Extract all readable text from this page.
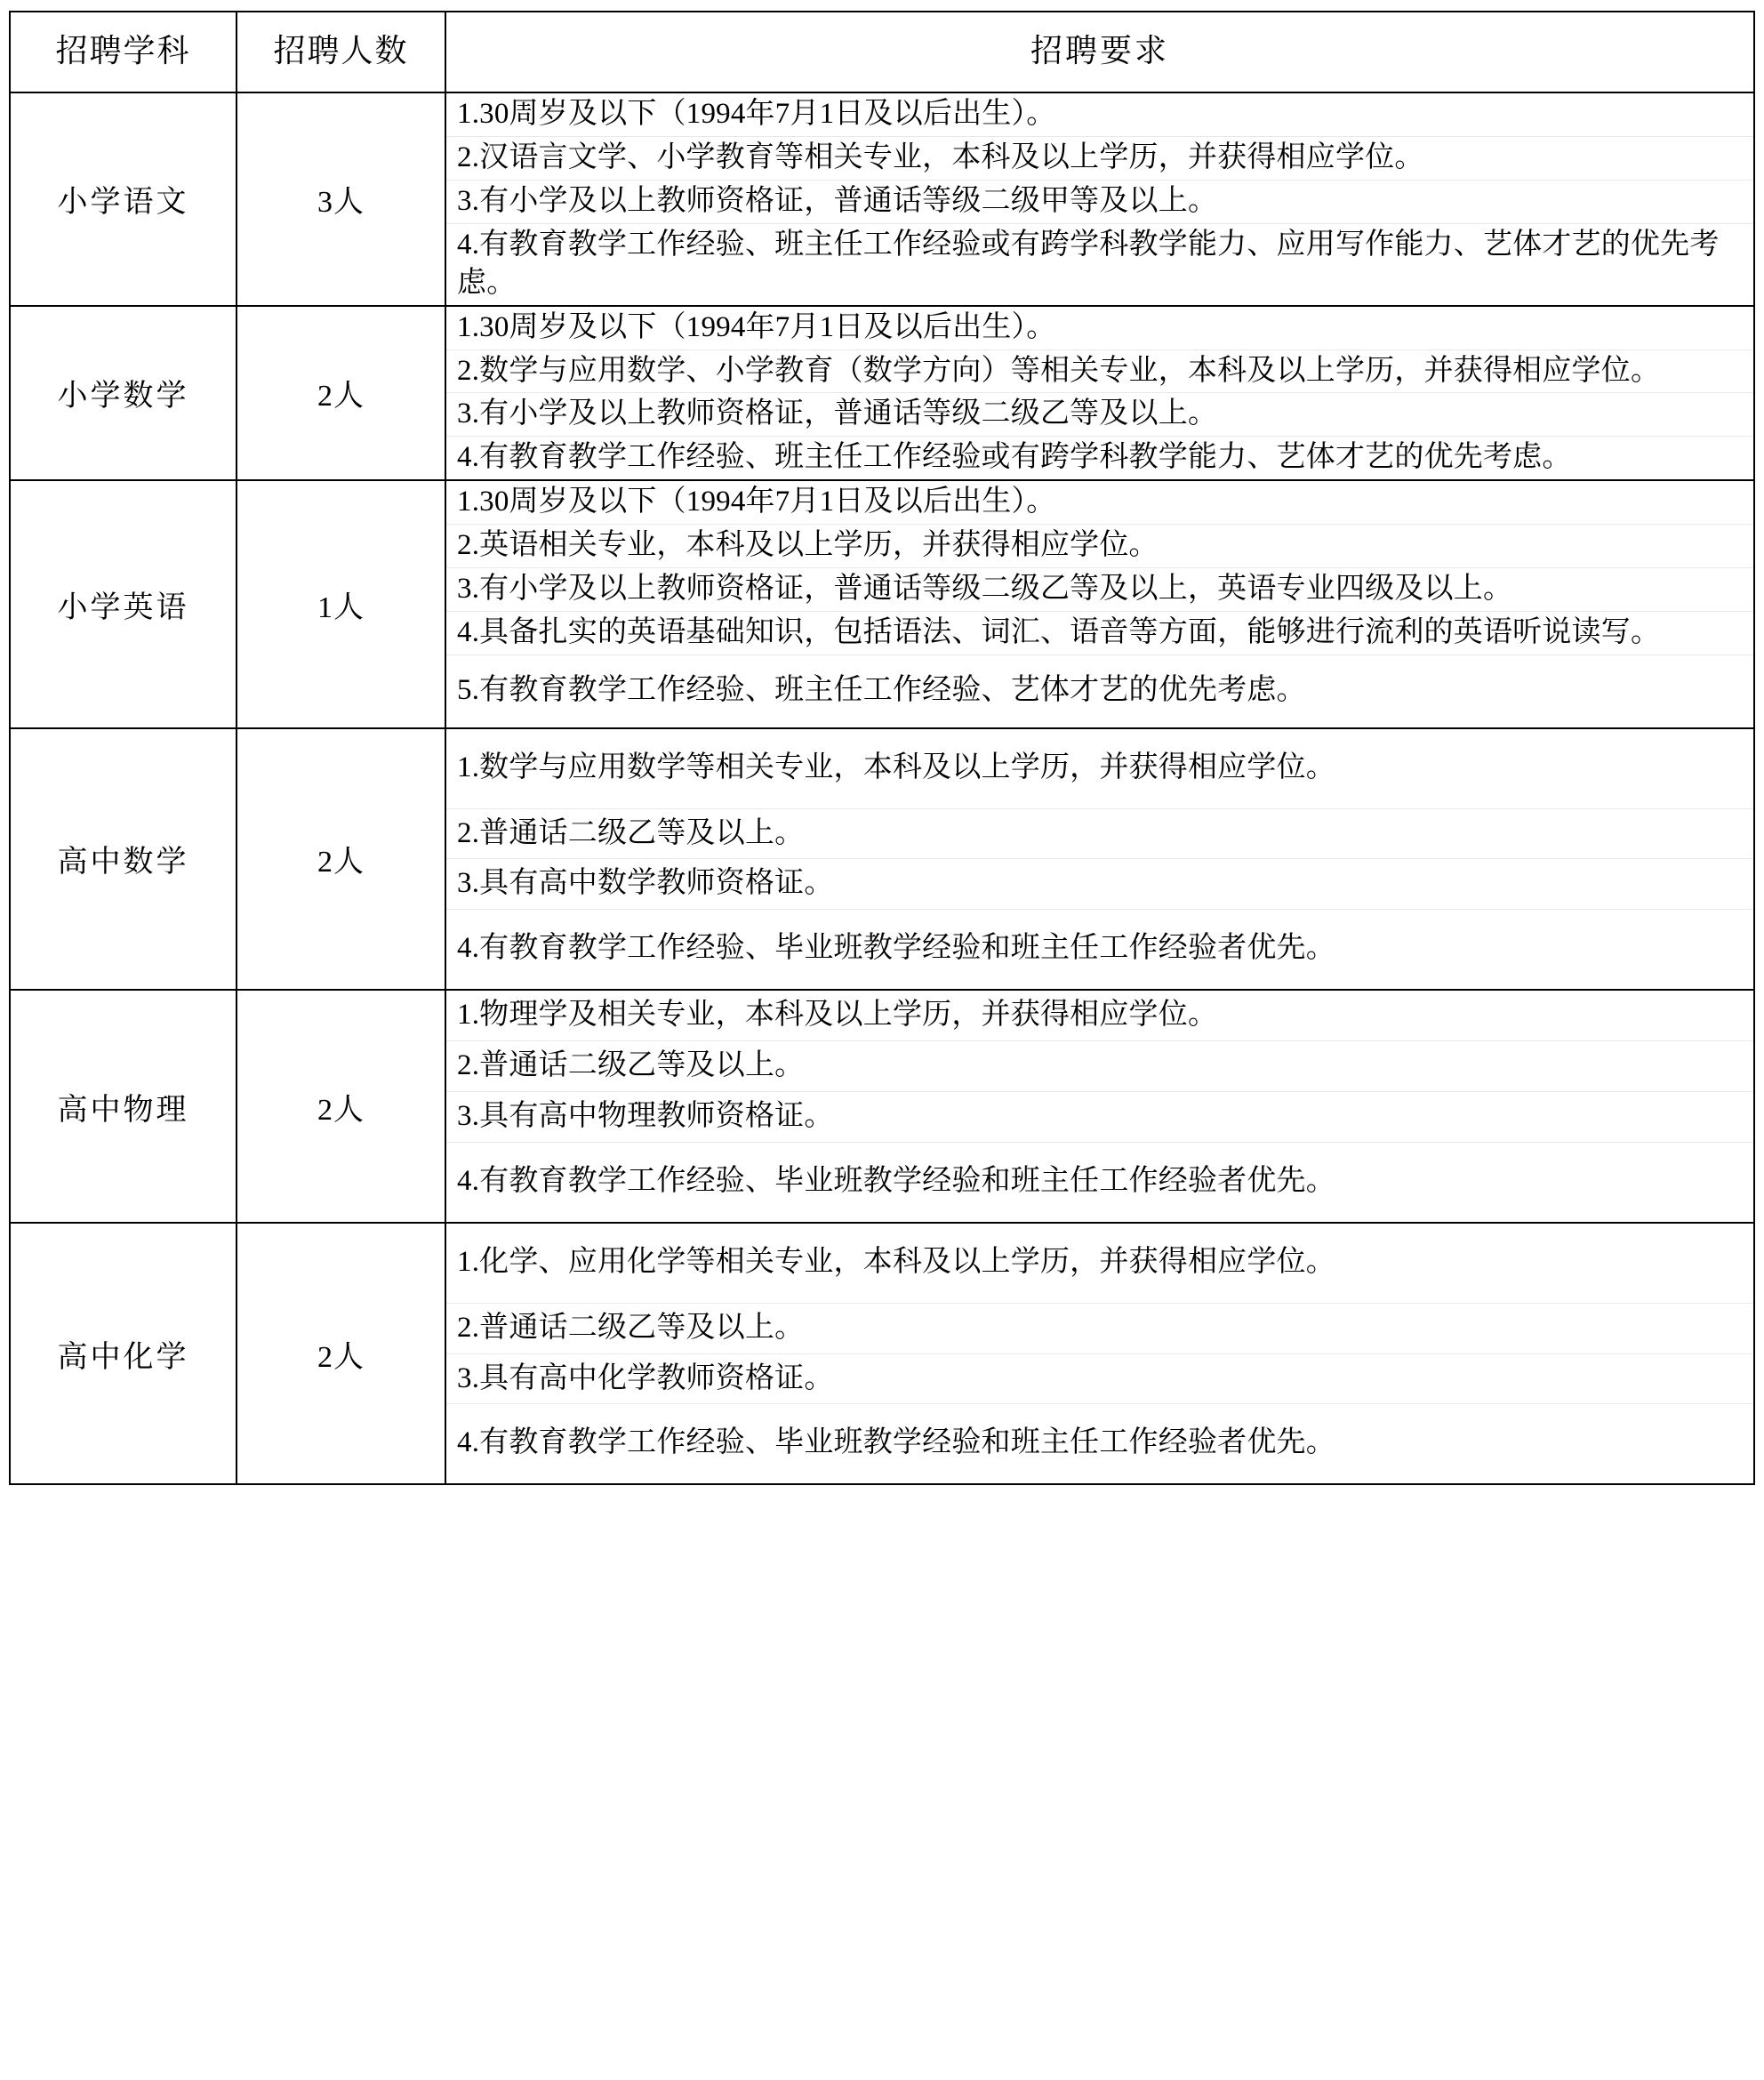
招聘学科	招聘人数	招聘要求
小学语文	3人	
1.30周岁及以下（1994年7月1日及以后出生）。
2.汉语言文学、小学教育等相关专业，本科及以上学历，并获得相应学位。
3.有小学及以上教师资格证，普通话等级二级甲等及以上。
4.有教育教学工作经验、班主任工作经验或有跨学科教学能力、应用写作能力、艺体才艺的优先考虑。

小学数学	2人	
1.30周岁及以下（1994年7月1日及以后出生）。
2.数学与应用数学、小学教育（数学方向）等相关专业，本科及以上学历，并获得相应学位。
3.有小学及以上教师资格证，普通话等级二级乙等及以上。
4.有教育教学工作经验、班主任工作经验或有跨学科教学能力、艺体才艺的优先考虑。

小学英语	1人	
1.30周岁及以下（1994年7月1日及以后出生）。
2.英语相关专业，本科及以上学历，并获得相应学位。
3.有小学及以上教师资格证，普通话等级二级乙等及以上，英语专业四级及以上。
4.具备扎实的英语基础知识，包括语法、词汇、语音等方面，能够进行流利的英语听说读写。
5.有教育教学工作经验、班主任工作经验、艺体才艺的优先考虑。

高中数学	2人	
1.数学与应用数学等相关专业，本科及以上学历，并获得相应学位。
2.普通话二级乙等及以上。
3.具有高中数学教师资格证。
4.有教育教学工作经验、毕业班教学经验和班主任工作经验者优先。

高中物理	2人	
1.物理学及相关专业，本科及以上学历，并获得相应学位。
2.普通话二级乙等及以上。
3.具有高中物理教师资格证。
4.有教育教学工作经验、毕业班教学经验和班主任工作经验者优先。

高中化学	2人	
1.化学、应用化学等相关专业，本科及以上学历，并获得相应学位。
2.普通话二级乙等及以上。
3.具有高中化学教师资格证。
4.有教育教学工作经验、毕业班教学经验和班主任工作经验者优先。
